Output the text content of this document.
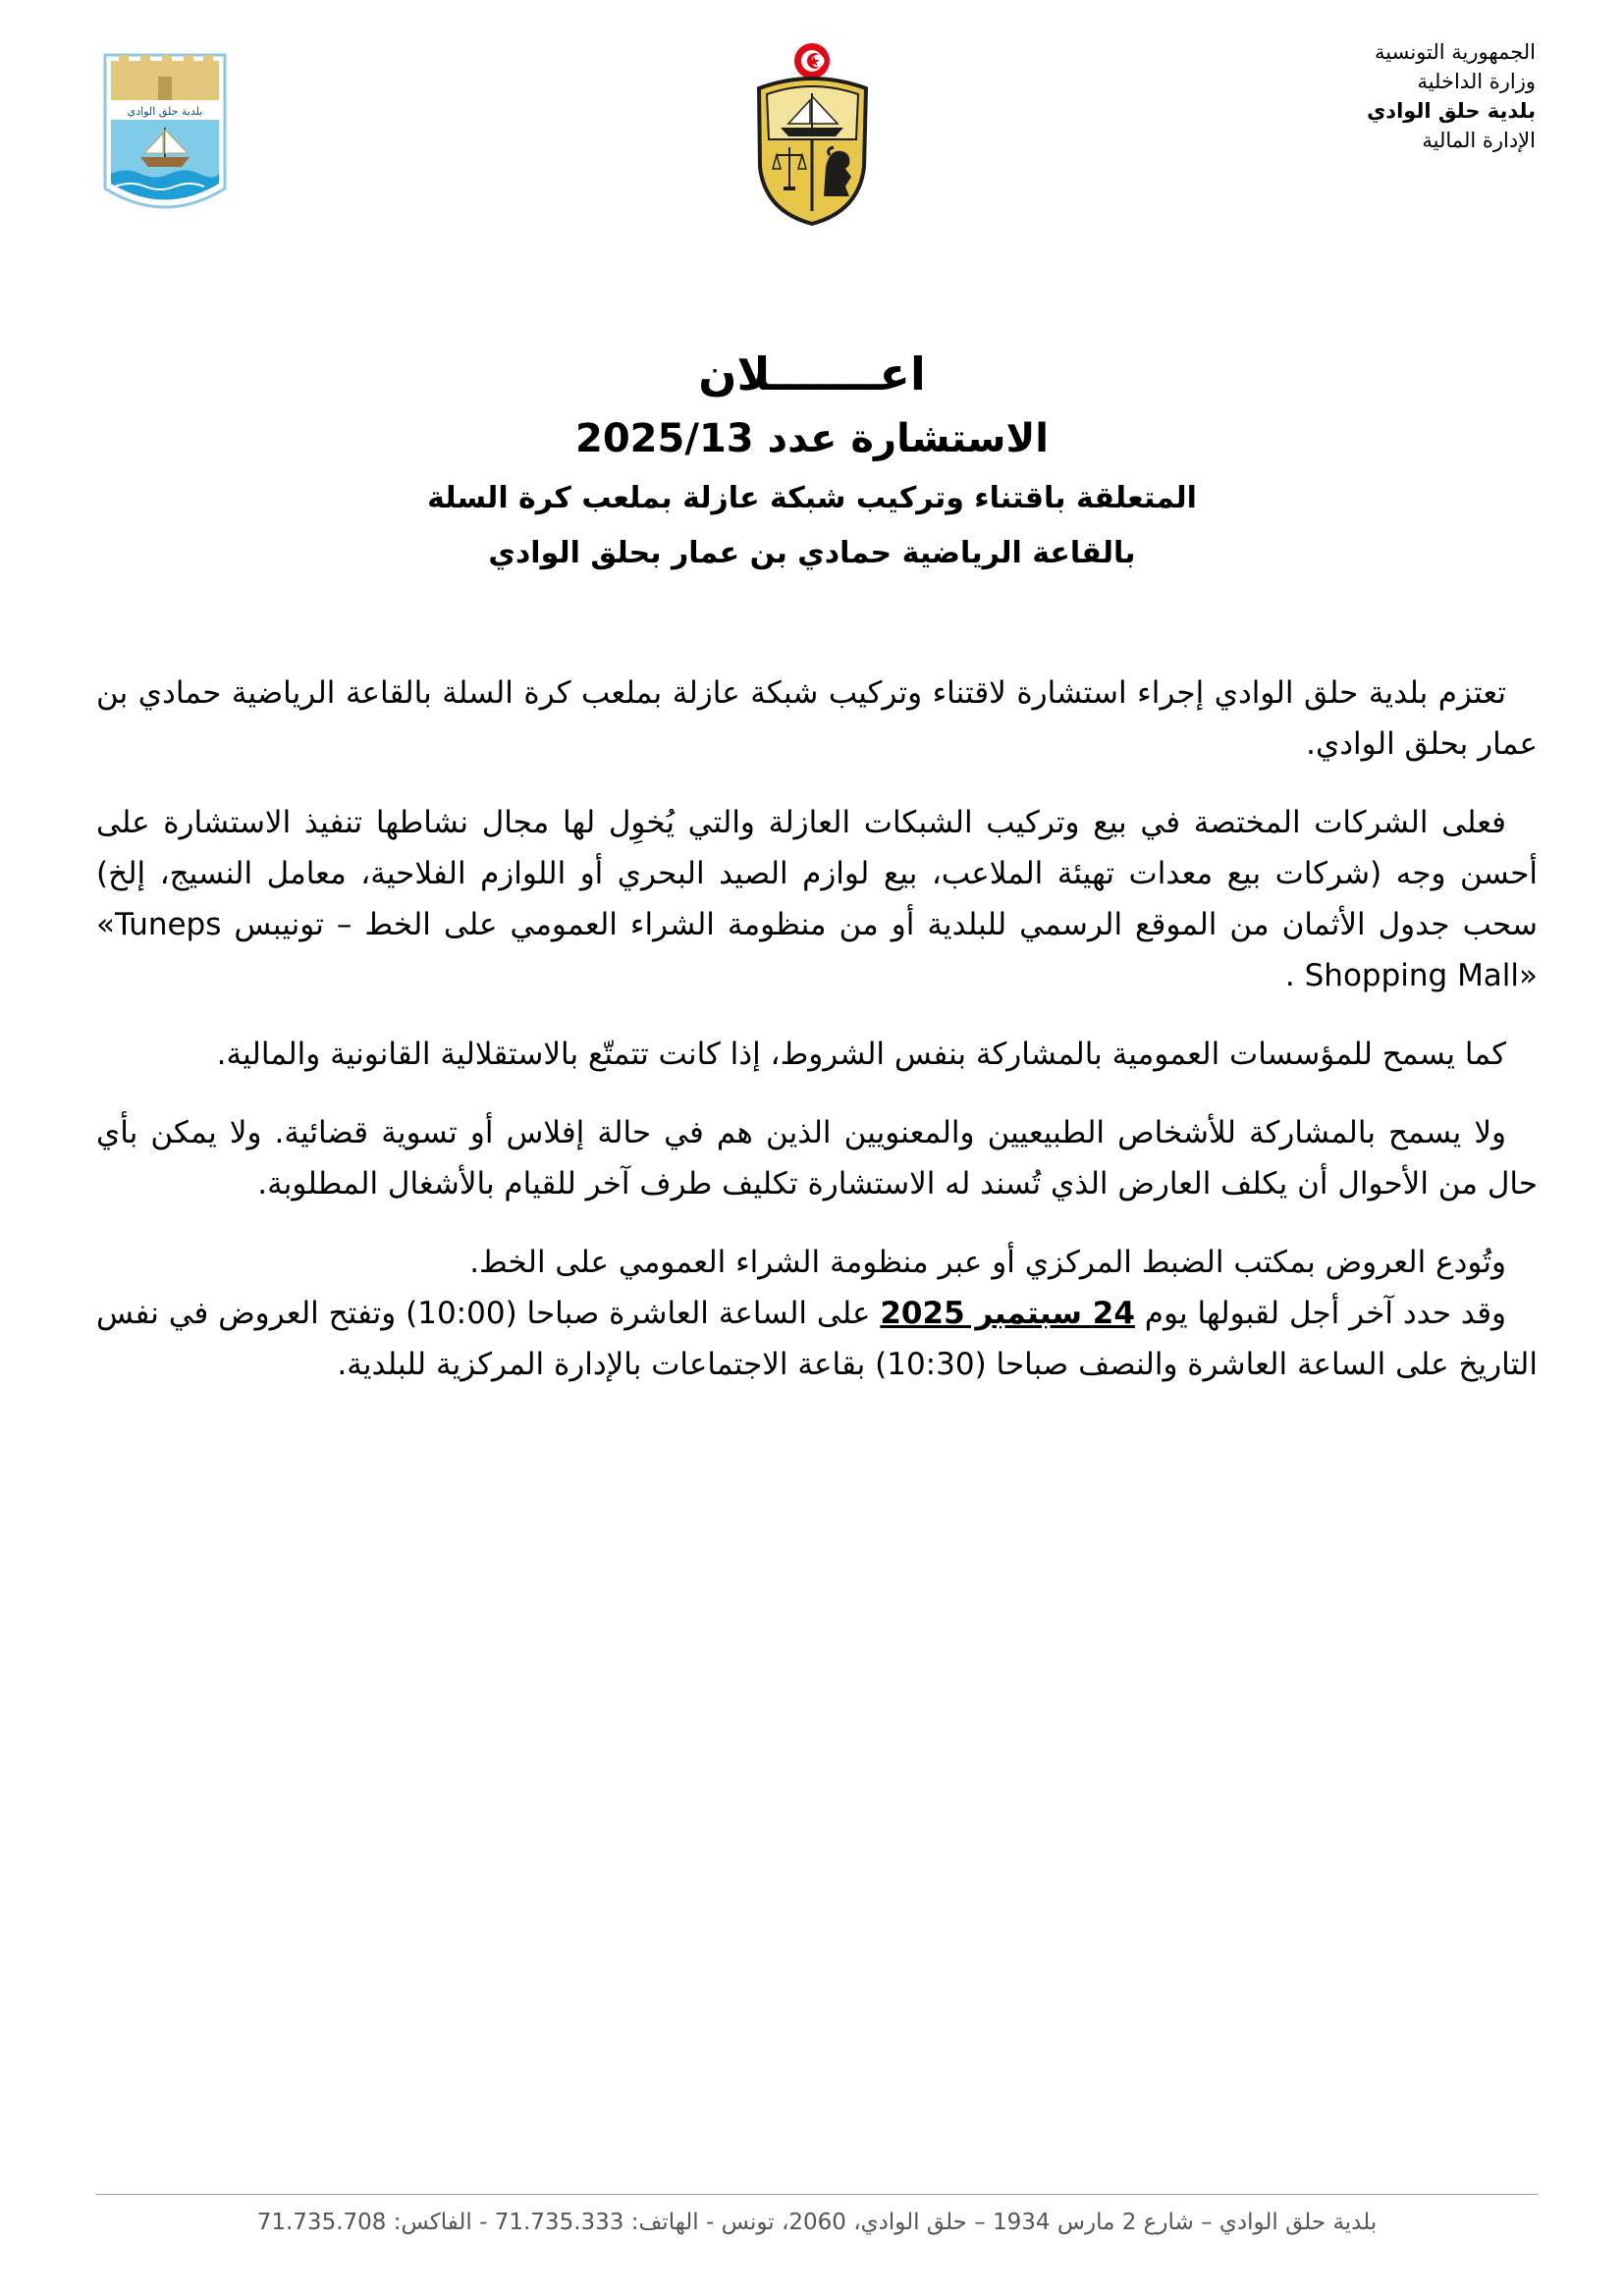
الجمهورية التونسية
وزارة الداخلية
بلدية حلق الوادي
الإدارة المالية
بلدية حلق الوادي
اعـــــــلان
الاستشارة عدد 2025/13
المتعلقة باقتناء وتركيب شبكة عازلة بملعب كرة السلة
بالقاعة الرياضية حمادي بن عمار بحلق الوادي

تعتزم بلدية حلق الوادي إجراء استشارة لاقتناء وتركيب شبكة عازلة بملعب كرة السلة بالقاعة الرياضية حمادي بن عمار بحلق الوادي.

فعلى الشركات المختصة في بيع وتركيب الشبكات العازلة والتي يُخوِل لها مجال نشاطها تنفيذ الاستشارة على أحسن وجه (شركات بيع معدات تهيئة الملاعب، بيع لوازم الصيد البحري أو اللوازم الفلاحية، معامل النسيج، إلخ) سحب جدول الأثمان من الموقع الرسمي للبلدية أو من منظومة الشراء العمومي على الخط – تونيبس «Tuneps Shopping Mall» .

كما يسمح للمؤسسات العمومية بالمشاركة بنفس الشروط، إذا كانت تتمتّع بالاستقلالية القانونية والمالية.

ولا يسمح بالمشاركة للأشخاص الطبيعيين والمعنويين الذين هم في حالة إفلاس أو تسوية قضائية. ولا يمكن بأي حال من الأحوال أن يكلف العارض الذي تُسند له الاستشارة تكليف طرف آخر للقيام بالأشغال المطلوبة.

وتُودع العروض بمكتب الضبط المركزي أو عبر منظومة الشراء العمومي على الخط.

وقد حدد آخر أجل لقبولها يوم 24 سبتمبر 2025 على الساعة العاشرة صباحا (10:00) وتفتح العروض في نفس التاريخ على الساعة العاشرة والنصف صباحا (10:30) بقاعة الاجتماعات بالإدارة المركزية للبلدية.

بلدية حلق الوادي – شارع 2 مارس 1934 – حلق الوادي، 2060، تونس - الهاتف: 71.735.333 - الفاكس: 71.735.708
